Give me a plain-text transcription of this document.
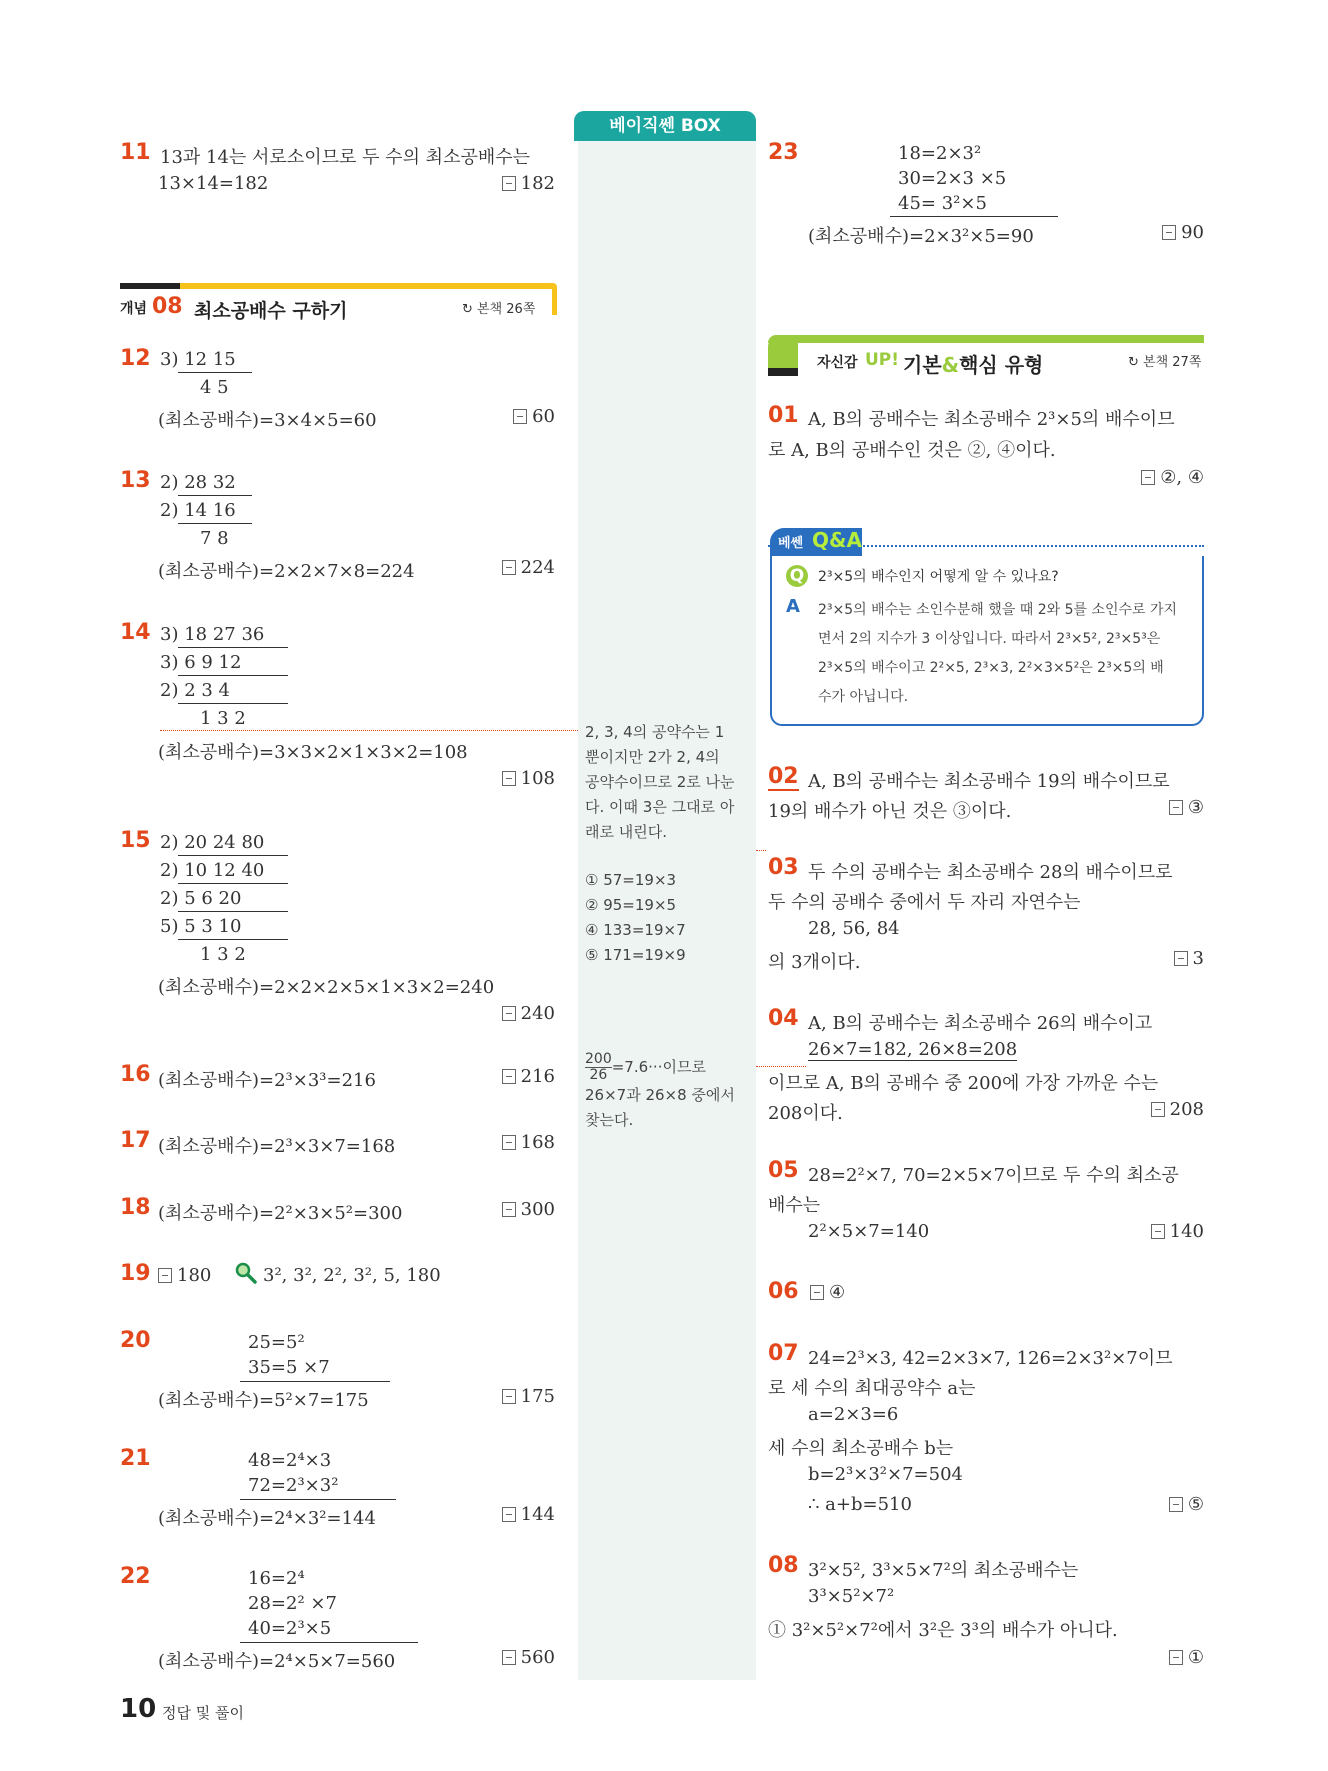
베이직쎈 BOX
2, 3, 4의 공약수는 1
뿐이지만 2가 2, 4의
공약수이므로 2로 나눈
다. 이때 3은 그대로 아
래로 내린다.
① 57=19×3
② 95=19×5
④ 133=19×7
⑤ 171=19×9
$\frac{200}{26} =7.6\cdot\cdot\cdot$이므로
26×7과 26×8 중에서
찾는다.
11 13과 14는 서로소이므로 두 수의 최소공배수는
13×14=182	182
개념 08 최소공배수 구하기	↻ 본책 26쪽
12 3) 12 15
4 5
(최소공배수)=3×4×5=60	60
13 2) 28 32
2) 14 16
7 8
(최소공배수)=2×2×7×8=224	224
14 3) 18 27 36
3) 6 9 12
2) 2 3 4
1 3 2
(최소공배수)=3×3×2×1×3×2=108
108
15 2) 20 24 80
2) 10 12 40
2) 5 6 20
5) 5 3 10
1 3 2
(최소공배수)=2×2×2×5×1×3×2=240
240
16 (최소공배수)=2³×3³=216	216
17 (최소공배수)=2³×3×7=168	168
18 (최소공배수)=2²×3×5²=300	300
19	180	3², 3², 2², 3², 5, 180
20	25=5²
35=5 ×7
(최소공배수)=5²×7=175	175
21	48=2⁴×3
72=2³×3²
(최소공배수)=2⁴×3²=144	144
22	16=2⁴
28=2² ×7
40=2³×5
(최소공배수)=2⁴×5×7=560	560
23	18=2×3²
30=2×3 ×5
45= 3²×5
(최소공배수)=2×3²×5=90	90
자신감 UP! 기본&핵심 유형	↻ 본책 27쪽
01 A, B의 공배수는 최소공배수 2³×5의 배수이므
로 A, B의 공배수인 것은 ②, ④이다.
②, ④
베쎈 Q&A
Q 2³×5의 배수인지 어떻게 알 수 있나요?
A 2³×5의 배수는 소인수분해 했을 때 2와 5를 소인수로 가지
면서 2의 지수가 3 이상입니다. 따라서 2³×5², 2³×5³은
2³×5의 배수이고 2²×5, 2³×3, 2²×3×5²은 2³×5의 배
수가 아닙니다.
02 A, B의 공배수는 최소공배수 19의 배수이므로
19의 배수가 아닌 것은 ③이다.	③
03 두 수의 공배수는 최소공배수 28의 배수이므로
두 수의 공배수 중에서 두 자리 자연수는
28, 56, 84
의 3개이다.	3
04 A, B의 공배수는 최소공배수 26의 배수이고
26×7=182, 26×8=208
이므로 A, B의 공배수 중 200에 가장 가까운 수는
208이다.	208
05 28=2²×7, 70=2×5×7이므로 두 수의 최소공
배수는
2²×5×7=140	140
06	④
07 24=2³×3, 42=2×3×7, 126=2×3²×7이므
로 세 수의 최대공약수 a는
a=2×3=6
세 수의 최소공배수 b는
b=2³×3²×7=504
∴ a+b=510	⑤
08 3²×5², 3³×5×7²의 최소공배수는
3³×5²×7²
① 3²×5²×7²에서 3²은 3³의 배수가 아니다.
①
10 정답 및 풀이
